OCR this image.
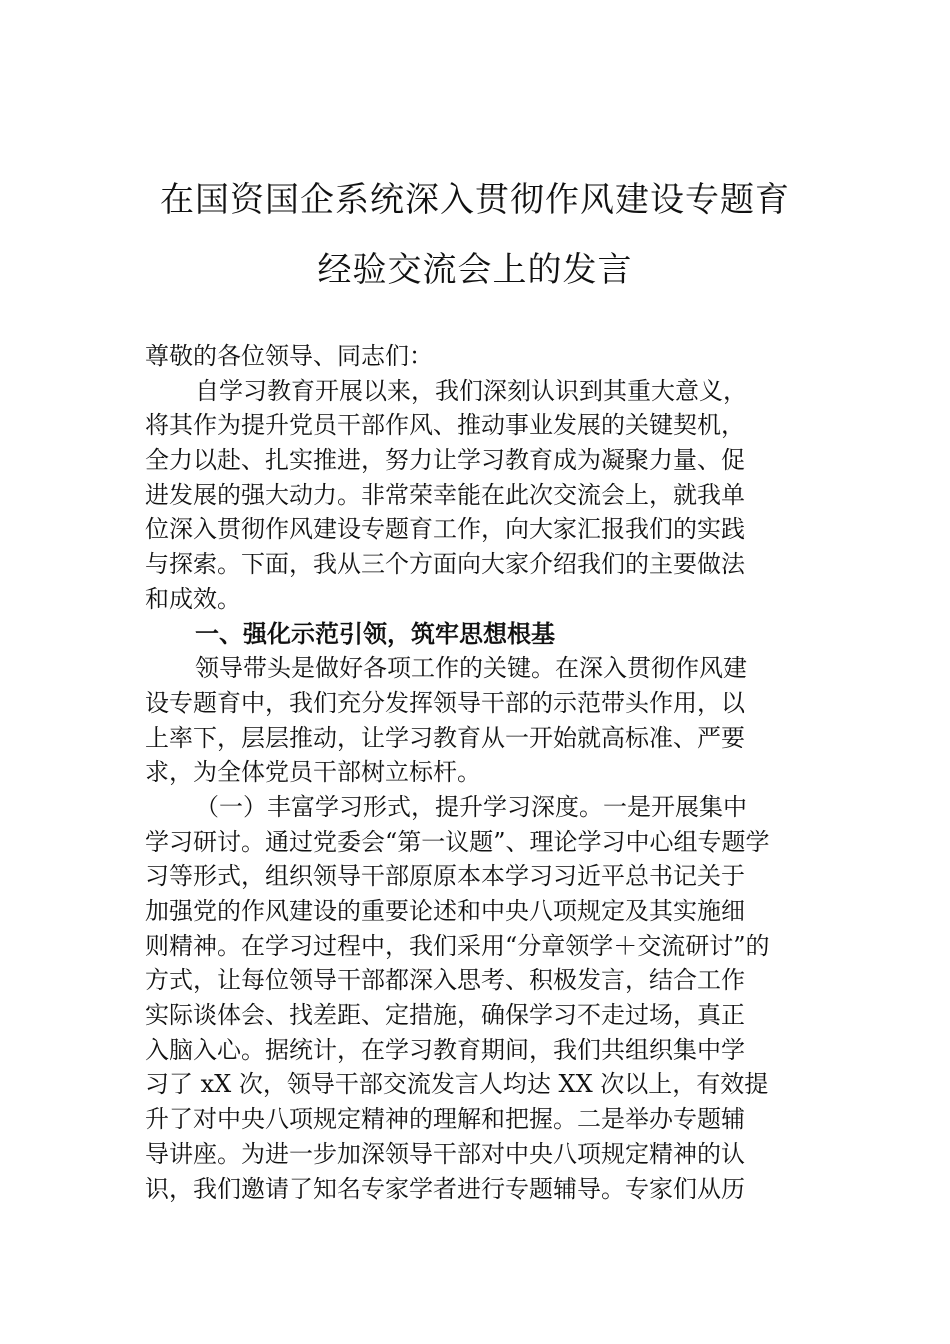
在国资国企系统深入贯彻作风建设专题育
经验交流会上的发言
尊敬的各位领导、同志们：
自学习教育开展以来，我们深刻认识到其重大意义，
将其作为提升党员干部作风、推动事业发展的关键契机，
全力以赴、扎实推进，努力让学习教育成为凝聚力量、促
进发展的强大动力。非常荣幸能在此次交流会上，就我单
位深入贯彻作风建设专题育工作，向大家汇报我们的实践
与探索。下面，我从三个方面向大家介绍我们的主要做法
和成效。
一、强化示范引领，筑牢思想根基
领导带头是做好各项工作的关键。在深入贯彻作风建
设专题育中，我们充分发挥领导干部的示范带头作用，以
上率下，层层推动，让学习教育从一开始就高标准、严要
求，为全体党员干部树立标杆。
（一）丰富学习形式，提升学习深度。一是开展集中
学习研讨。通过党委会“第一议题”、理论学习中心组专题学
习等形式，组织领导干部原原本本学习习近平总书记关于
加强党的作风建设的重要论述和中央八项规定及其实施细
则精神。在学习过程中，我们采用“分章领学＋交流研讨”的
方式，让每位领导干部都深入思考、积极发言，结合工作
实际谈体会、找差距、定措施，确保学习不走过场，真正
入脑入心。据统计，在学习教育期间，我们共组织集中学
习了 xX 次，领导干部交流发言人均达 XX 次以上，有效提
升了对中央八项规定精神的理解和把握。二是举办专题辅
导讲座。为进一步加深领导干部对中央八项规定精神的认
识，我们邀请了知名专家学者进行专题辅导。专家们从历
